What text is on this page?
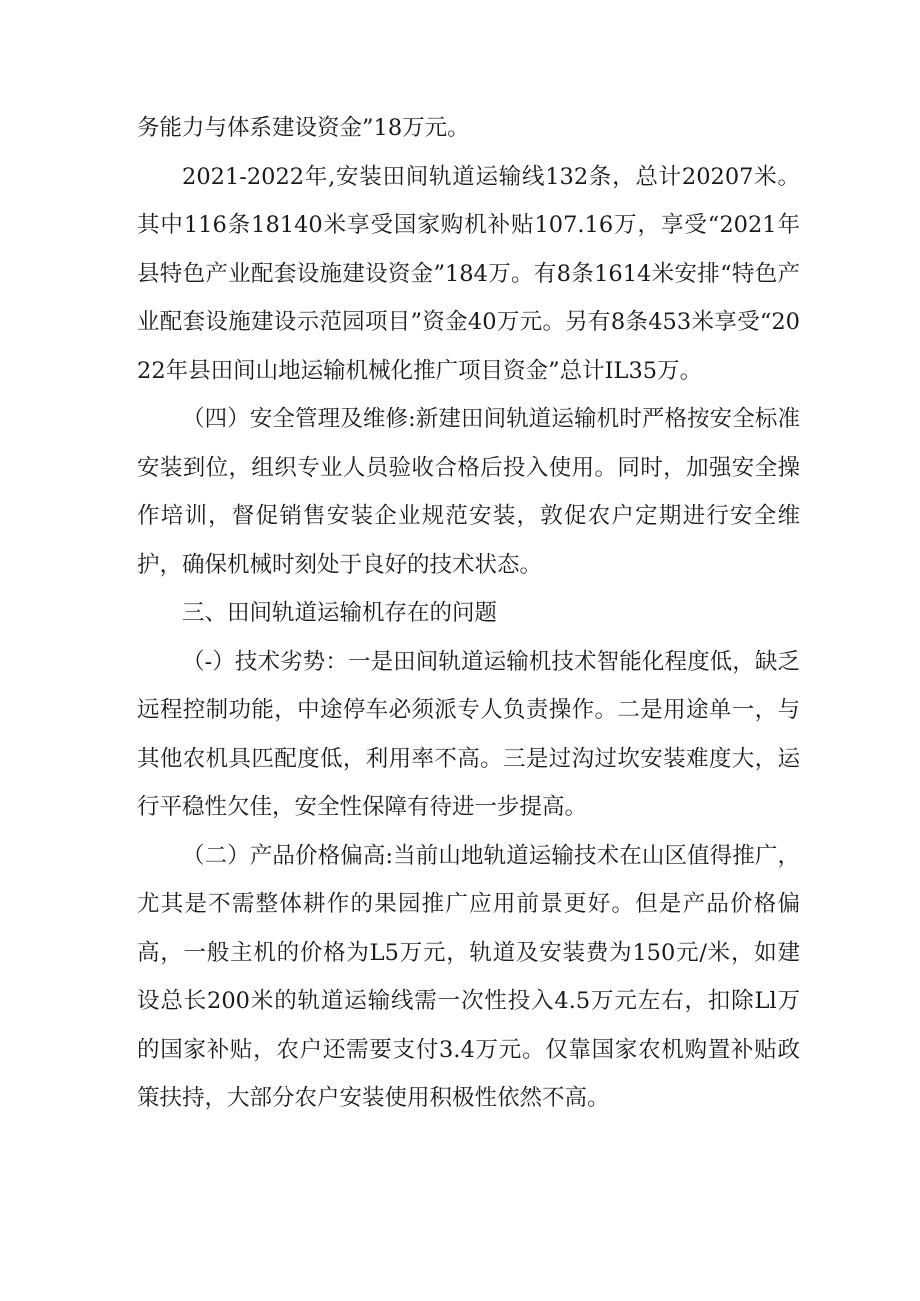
务能力与体系建设资金”18万元。

2021-2022年,安装田间轨道运输线132条，总计20207米。其中116条18140米享受国家购机补贴107.16万，享受“2021年县特色产业配套设施建设资金”184万。有8条1614米安排“特色产业配套设施建设示范园项目”资金40万元。另有8条453米享受“2022年县田间山地运输机械化推广项目资金”总计IL35万。

（四）安全管理及维修:新建田间轨道运输机时严格按安全标准安装到位，组织专业人员验收合格后投入使用。同时，加强安全操作培训，督促销售安装企业规范安装，敦促农户定期进行安全维护，确保机械时刻处于良好的技术状态。

三、田间轨道运输机存在的问题

（-）技术劣势：一是田间轨道运输机技术智能化程度低，缺乏远程控制功能，中途停车必须派专人负责操作。二是用途单一，与其他农机具匹配度低，利用率不高。三是过沟过坎安装难度大，运行平稳性欠佳，安全性保障有待进一步提高。

（二）产品价格偏高:当前山地轨道运输技术在山区值得推广，尤其是不需整体耕作的果园推广应用前景更好。但是产品价格偏高，一般主机的价格为L5万元，轨道及安装费为150元/米，如建设总长200米的轨道运输线需一次性投入4.5万元左右，扣除Ll万的国家补贴，农户还需要支付3.4万元。仅靠国家农机购置补贴政策扶持，大部分农户安装使用积极性依然不高。
